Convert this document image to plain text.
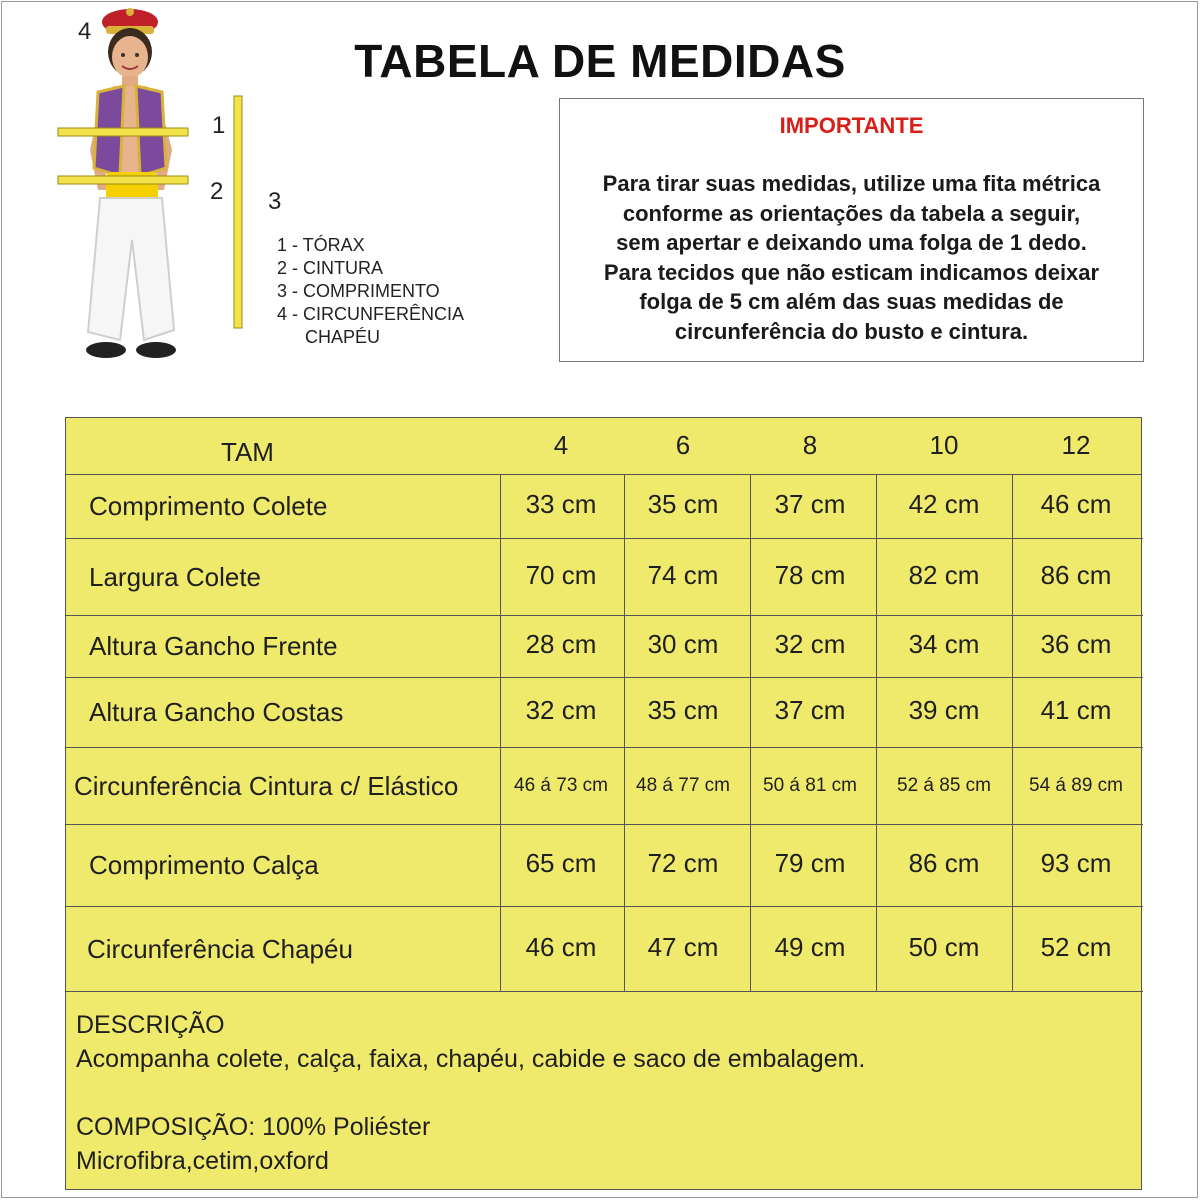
TABELA DE MEDIDAS
4
1
2 3
1 - TÓRAX
2 - CINTURA
3 - COMPRIMENTO
4 - CIRCUNFERÊNCIA
CHAPÉU
IMPORTANTE
Para tirar suas medidas, utilize uma fita métrica
conforme as orientações da tabela a seguir,
sem apertar e deixando uma folga de 1 dedo.
Para tecidos que não esticam indicamos deixar
folga de 5 cm além das suas medidas de
circunferência do busto e cintura.
DESCRIÇÃO
Acompanha colete, calça, faixa, chapéu, cabide e saco de embalagem.
COMPOSIÇÃO: 100% Poliéster
Microfibra,cetim,oxford
TAM	4	6	8	10	12
Comprimento Colete	33 cm 35 cm 37 cm 42 cm 46 cm
Largura Colete	70 cm 74 cm 78 cm 82 cm 86 cm
Altura Gancho Frente	28 cm 30 cm 32 cm 34 cm 36 cm
Altura Gancho Costas	32 cm 35 cm 37 cm 39 cm 41 cm
Circunferência Cintura c/ Elástico	46 á 73 cm 48 á 77 cm 50 á 81 cm 52 á 85 cm 54 á 89 cm
Comprimento Calça	65 cm 72 cm 79 cm 86 cm 93 cm
Circunferência Chapéu	46 cm 47 cm 49 cm 50 cm 52 cm
